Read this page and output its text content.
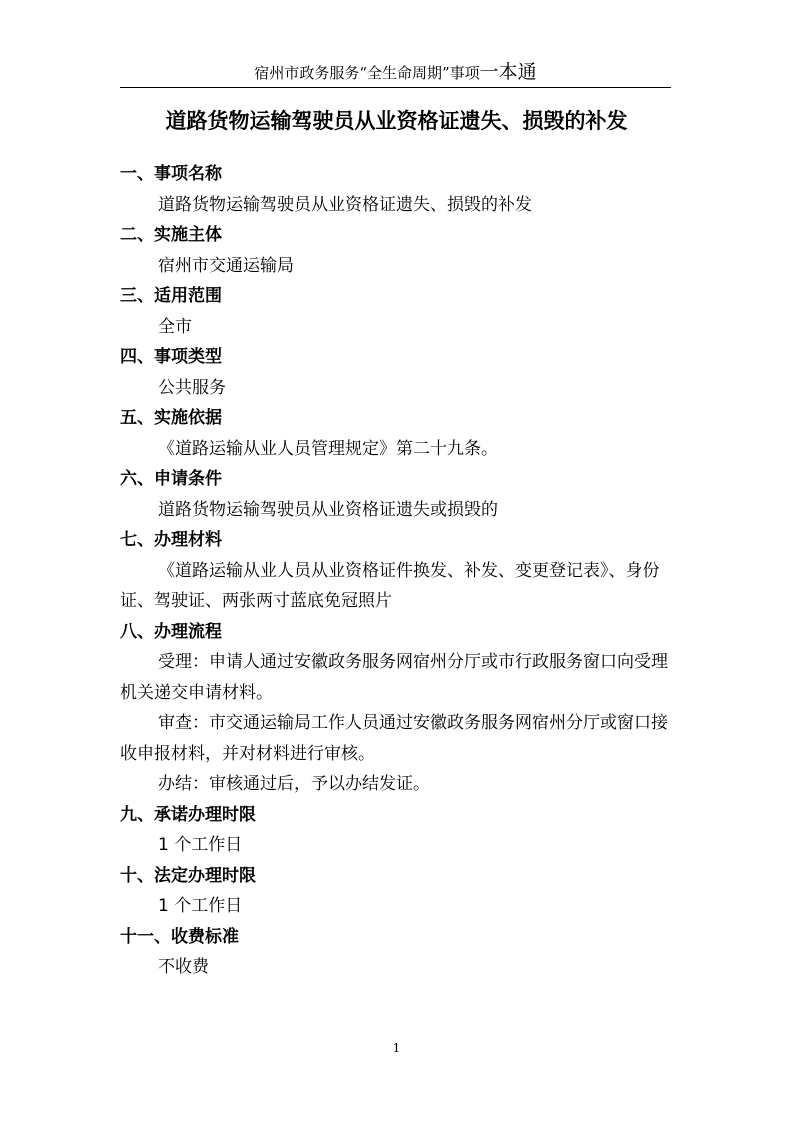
宿州市政务服务“全生命周期”事项一本通
道路货物运输驾驶员从业资格证遗失、损毁的补发
一、事项名称
道路货物运输驾驶员从业资格证遗失、损毁的补发
二、实施主体
宿州市交通运输局
三、适用范围
全市
四、事项类型
公共服务
五、实施依据
《道路运输从业人员管理规定》第二十九条。
六、申请条件
道路货物运输驾驶员从业资格证遗失或损毁的
七、办理材料
《道路运输从业人员从业资格证件换发、补发、变更登记表》、身份证、驾驶证、两张两寸蓝底免冠照片
八、办理流程
受理：申请人通过安徽政务服务网宿州分厅或市行政服务窗口向受理机关递交申请材料。
审查：市交通运输局工作人员通过安徽政务服务网宿州分厅或窗口接收申报材料，并对材料进行审核。
办结：审核通过后，予以办结发证。
九、承诺办理时限
1 个工作日
十、法定办理时限
1 个工作日
十一、收费标准
不收费
1
